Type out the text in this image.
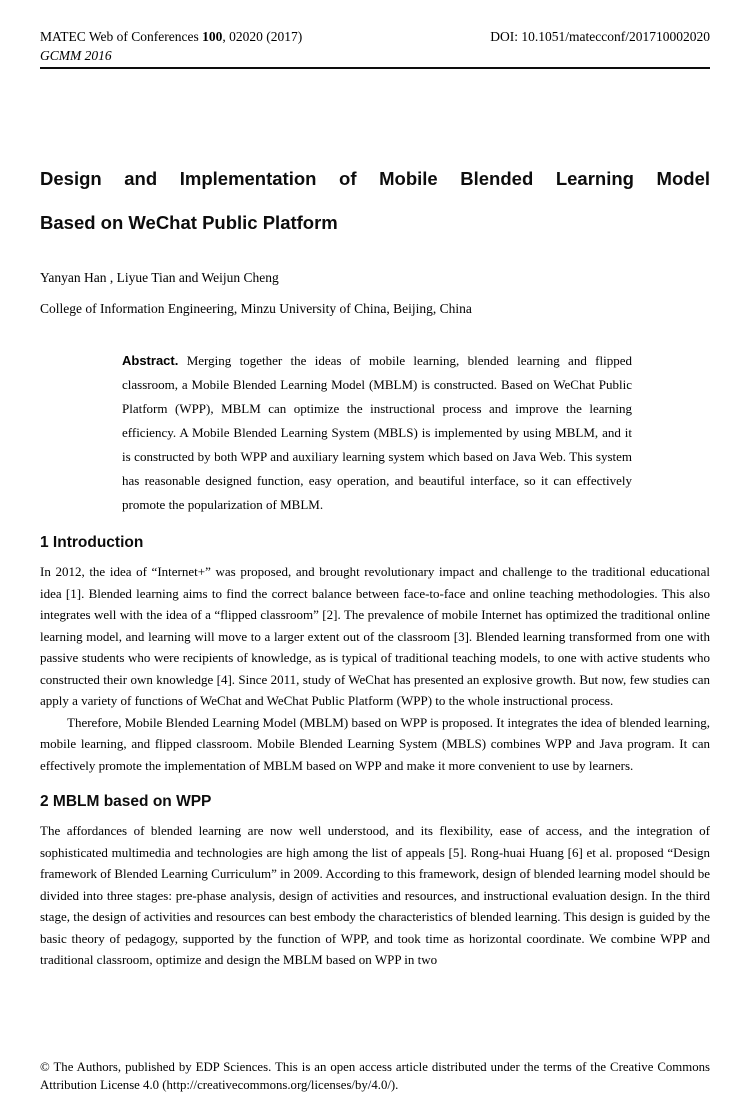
MATEC Web of Conferences 100, 02020 (2017)	DOI: 10.1051/matecconf/201710002020
GCMM 2016
Design and Implementation of Mobile Blended Learning Model
Based on WeChat Public Platform
Yanyan Han , Liyue Tian and Weijun Cheng
College of Information Engineering, Minzu University of China, Beijing, China
Abstract. Merging together the ideas of mobile learning, blended learning and flipped classroom, a Mobile Blended Learning Model (MBLM) is constructed. Based on WeChat Public Platform (WPP), MBLM can optimize the instructional process and improve the learning efficiency. A Mobile Blended Learning System (MBLS) is implemented by using MBLM, and it is constructed by both WPP and auxiliary learning system which based on Java Web. This system has reasonable designed function, easy operation, and beautiful interface, so it can effectively promote the popularization of MBLM.
1 Introduction

In 2012, the idea of “Internet+” was proposed, and brought revolutionary impact and challenge to the traditional educational idea [1]. Blended learning aims to find the correct balance between face-to-face and online teaching methodologies. This also integrates well with the idea of a “flipped classroom” [2]. The prevalence of mobile Internet has optimized the traditional online learning model, and learning will move to a larger extent out of the classroom [3]. Blended learning transformed from one with passive students who were recipients of knowledge, as is typical of traditional teaching models, to one with active students who constructed their own knowledge [4]. Since 2011, study of WeChat has presented an explosive growth. But now, few studies can apply a variety of functions of WeChat and WeChat Public Platform (WPP) to the whole instructional process.

Therefore, Mobile Blended Learning Model (MBLM) based on WPP is proposed. It integrates the idea of blended learning, mobile learning, and flipped classroom. Mobile Blended Learning System (MBLS) combines WPP and Java program. It can effectively promote the implementation of MBLM based on WPP and make it more convenient to use by learners.

2 MBLM based on WPP

The affordances of blended learning are now well understood, and its flexibility, ease of access, and the integration of sophisticated multimedia and technologies are high among the list of appeals [5]. Rong-huai Huang [6] et al. proposed “Design framework of Blended Learning Curriculum” in 2009. According to this framework, design of blended learning model should be divided into three stages: pre-phase analysis, design of activities and resources, and instructional evaluation design. In the third stage, the design of activities and resources can best embody the characteristics of blended learning. This design is guided by the basic theory of pedagogy, supported by the function of WPP, and took time as horizontal coordinate. We combine WPP and traditional classroom, optimize and design the MBLM based on WPP in two

© The Authors, published by EDP Sciences. This is an open access article distributed under the terms of the Creative Commons Attribution License 4.0 (http://creativecommons.org/licenses/by/4.0/).
